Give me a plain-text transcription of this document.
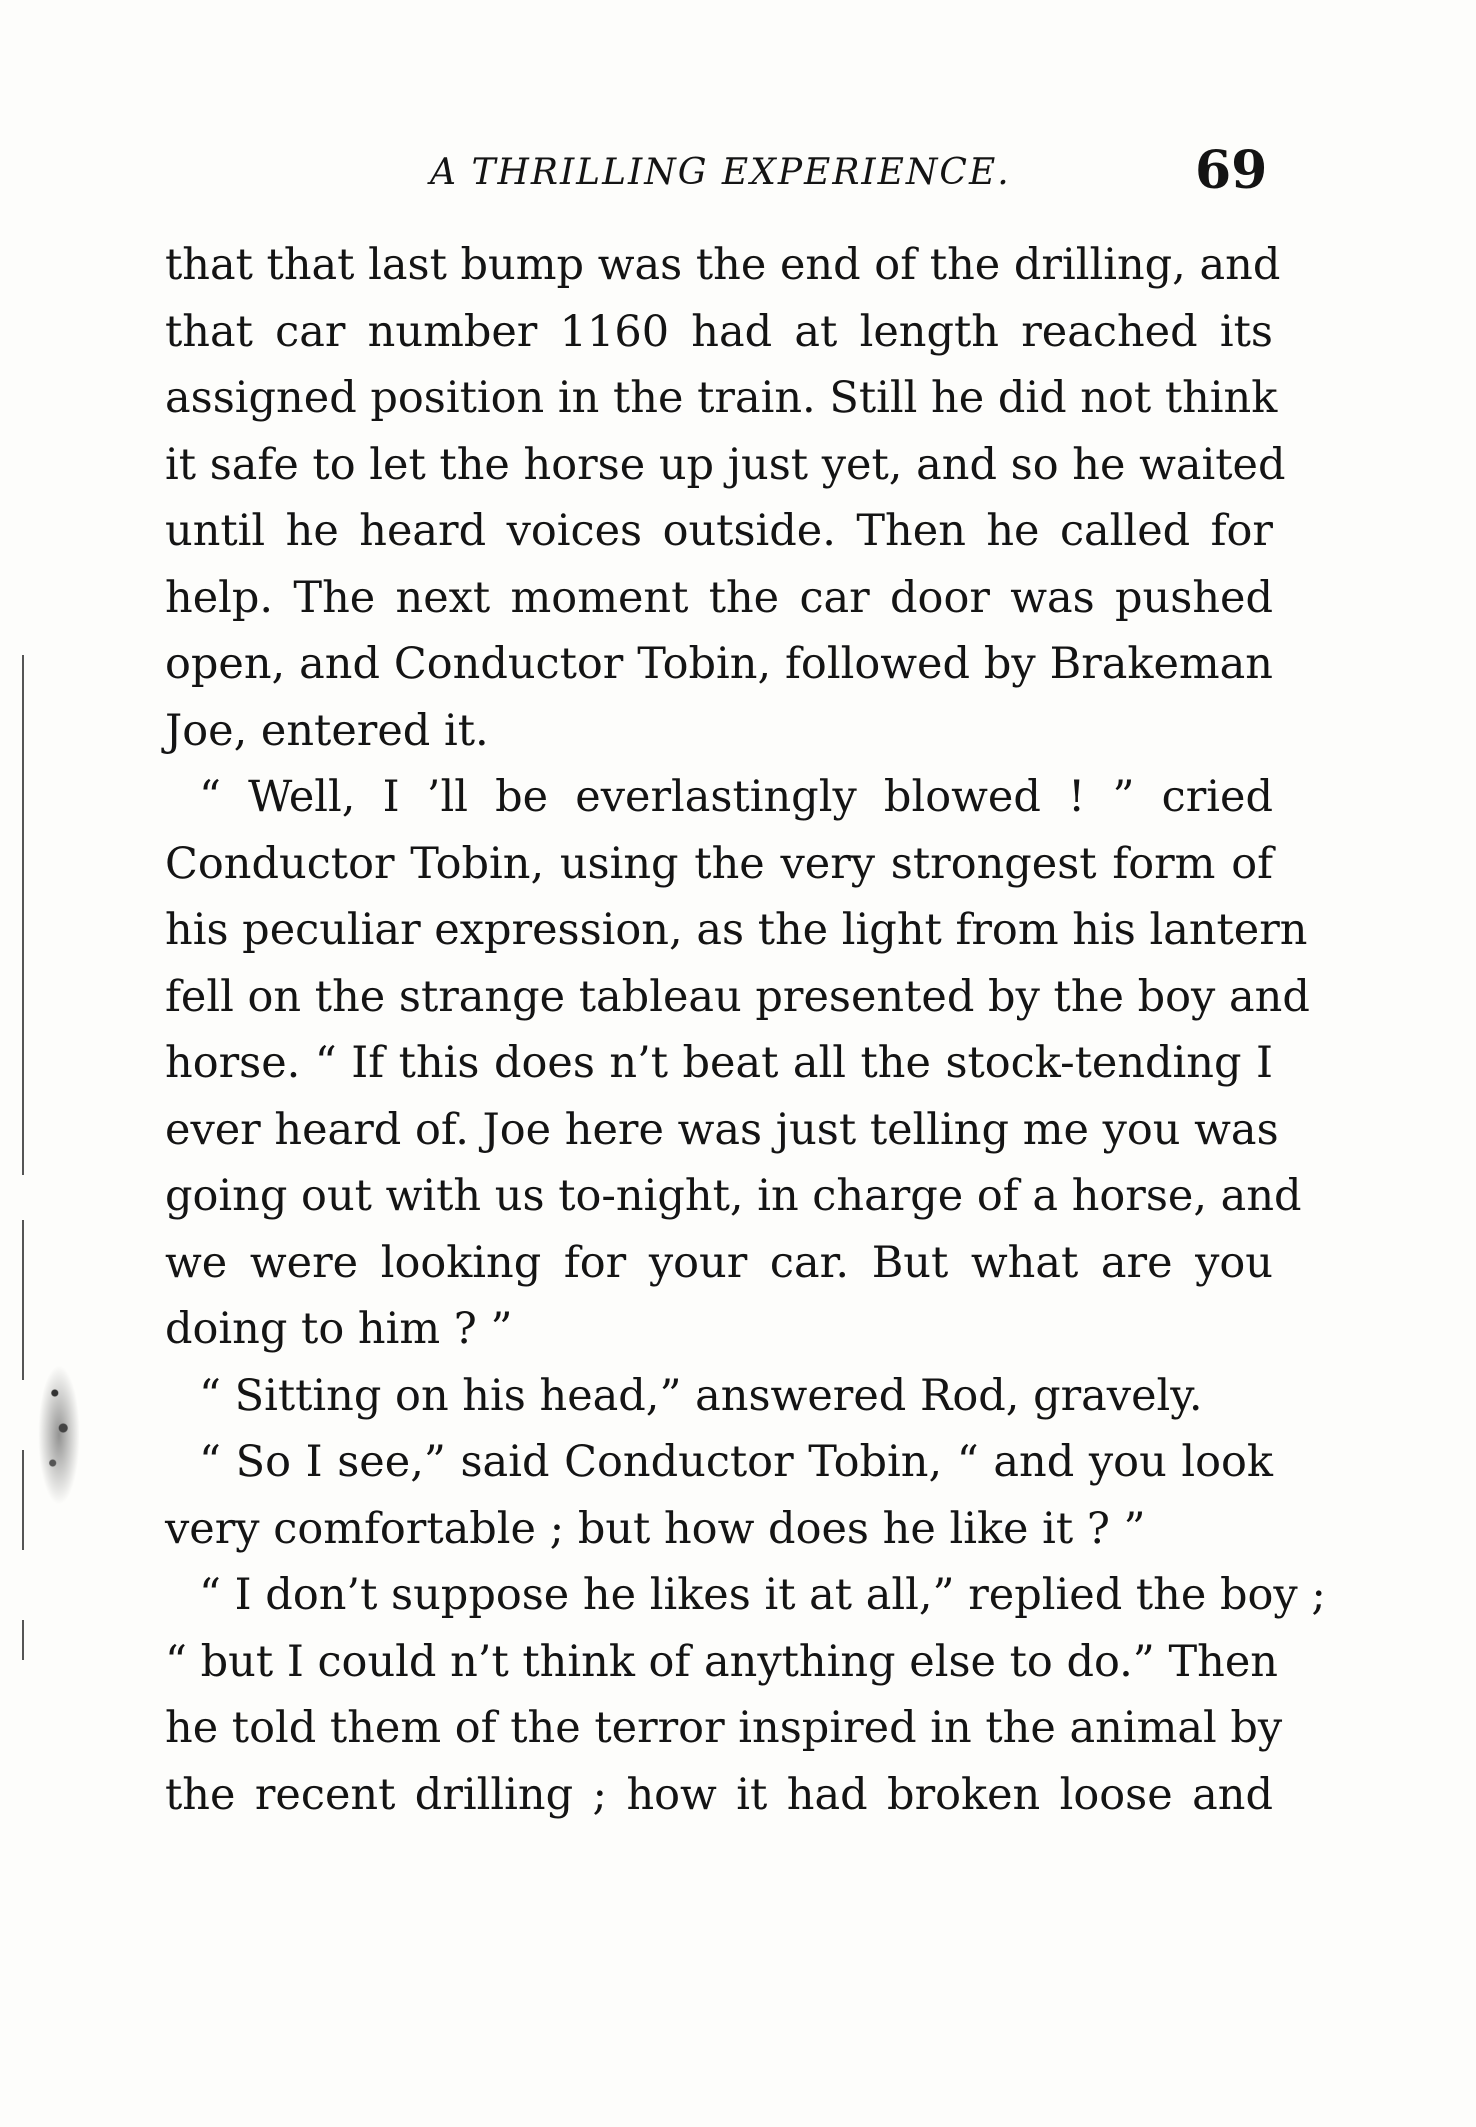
A THRILLING EXPERIENCE.	69
that that last bump was the end of the drilling, and
that car number 1160 had at length reached its
assigned position in the train. Still he did not think
it safe to let the horse up just yet, and so he waited
until he heard voices outside. Then he called for
help. The next moment the car door was pushed
open, and Conductor Tobin, followed by Brakeman
Joe, entered it.
“ Well, I ’ll be everlastingly blowed ! ” cried
Conductor Tobin, using the very strongest form of
his peculiar expression, as the light from his lantern
fell on the strange tableau presented by the boy and
horse. “ If this does n’t beat all the stock-tending I
ever heard of. Joe here was just telling me you was
going out with us to-night, in charge of a horse, and
we were looking for your car. But what are you
doing to him ? ”
“ Sitting on his head,” answered Rod, gravely.
“ So I see,” said Conductor Tobin, “ and you look
very comfortable ; but how does he like it ? ”
“ I don’t suppose he likes it at all,” replied the boy ;
“ but I could n’t think of anything else to do.” Then
he told them of the terror inspired in the animal by
the recent drilling ; how it had broken loose and
